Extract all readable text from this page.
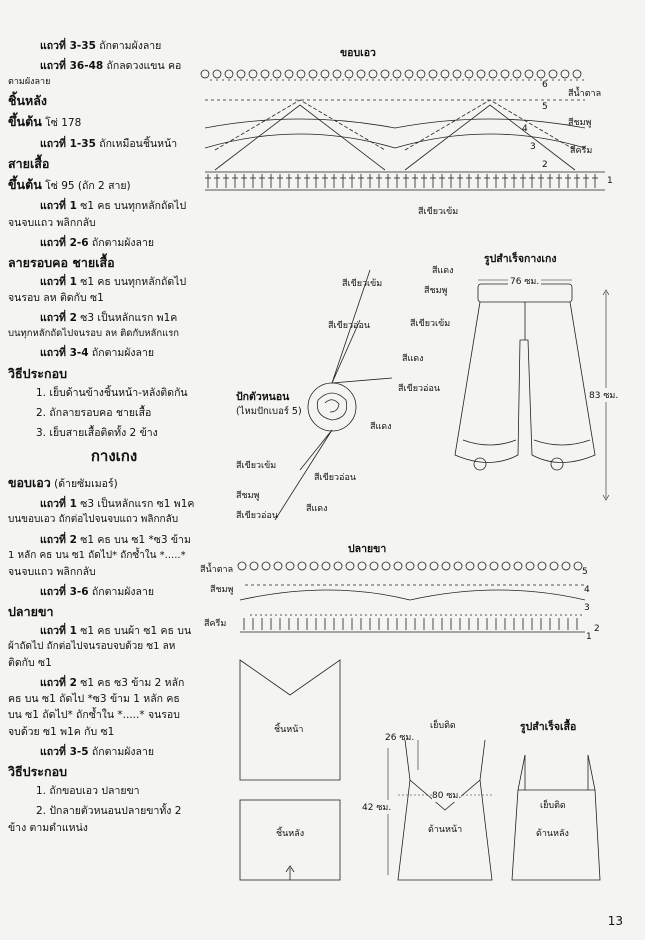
แถวที่ 3-35 ถักตามผังลาย
แถวที่ 36-48 ถักลดวงแขน คอ
ตามผังลาย
ชิ้นหลัง
ขึ้นต้น โซ่ 178
แถวที่ 1-35 ถักเหมือนชิ้นหน้า
สายเสื้อ
ขึ้นต้น โซ่ 95 (ถัก 2 สาย)
แถวที่ 1 ซ1 คธ บนทุกหลักถัดไป
จนจบแถว พลิกกลับ
แถวที่ 2-6 ถักตามผังลาย
ลายรอบคอ ชายเสื้อ
แถวที่ 1 ซ1 คธ บนทุกหลักถัดไป
จนรอบ ลห ติดกับ ซ1
แถวที่ 2 ซ3 เป็นหลักแรก พ1ค
บนทุกหลักถัดไปจนรอบ ลห ติดกับหลักแรก
แถวที่ 3-4 ถักตามผังลาย
วิธีประกอบ
1. เย็บด้านข้างชิ้นหน้า-หลังติดกัน
2. ถักลายรอบคอ ชายเสื้อ
3. เย็บสายเสื้อติดทั้ง 2 ข้าง
กางเกง
ขอบเอว (ด้ายซัมเมอร์)
แถวที่ 1 ซ3 เป็นหลักแรก ซ1 พ1ค
บนขอบเอว ถักต่อไปจนจบแถว พลิกกลับ
แถวที่ 2 ซ1 คธ บน ซ1 *ซ3 ข้าม
1 หลัก คธ บน ซ1 ถัดไป* ถักซ้ำใน *.....*
จนจบแถว พลิกกลับ
แถวที่ 3-6 ถักตามผังลาย
ปลายขา
แถวที่ 1 ซ1 คธ บนผ้า ซ1 คธ บน
ผ้าถัดไป ถักต่อไปจนรอบจบด้วย ซ1 ลห
ติดกับ ซ1
แถวที่ 2 ซ1 คธ ซ3 ข้าม 2 หลัก
คธ บน ซ1 ถัดไป *ซ3 ข้าม 1 หลัก คธ
บน ซ1 ถัดไป* ถักซ้ำใน *.....* จนรอบ
จบด้วย ซ1 พ1ค กับ ซ1
แถวที่ 3-5 ถักตามผังลาย
วิธีประกอบ
1. ถักขอบเอว ปลายขา
2. ปักลายตัวหนอนปลายขาทั้ง 2
ข้าง ตามตำแหน่ง
ขอบเอว
สีน้ำตาล
สีชมพู
สีครีม
6
5
4
3
2
1
สีเขียวเข้ม
สีแดง
สีเขียวเข้ม
สีชมพู
สีเขียวอ่อน	สีเขียวเข้ม
สีแดง
สีเขียวอ่อน
สีแดง
สีเขียวเข้ม
สีเขียวอ่อน
สีชมพู
สีแดง
สีเขียวอ่อน
ปักตัวหนอน
(ไหมปักเบอร์ 5)
รูปสำเร็จกางเกง
76 ซม.
83 ซม.
ปลายขา
สีน้ำตาล
สีชมพู
สีครีม
5
4
3
2
1
ชิ้นหน้า
ชิ้นหลัง
รูปสำเร็จเสื้อ
เย็บติด
26 ซม.
80 ซม.
42 ซม.
ด้านหน้า
เย็บติด
ด้านหลัง
13
